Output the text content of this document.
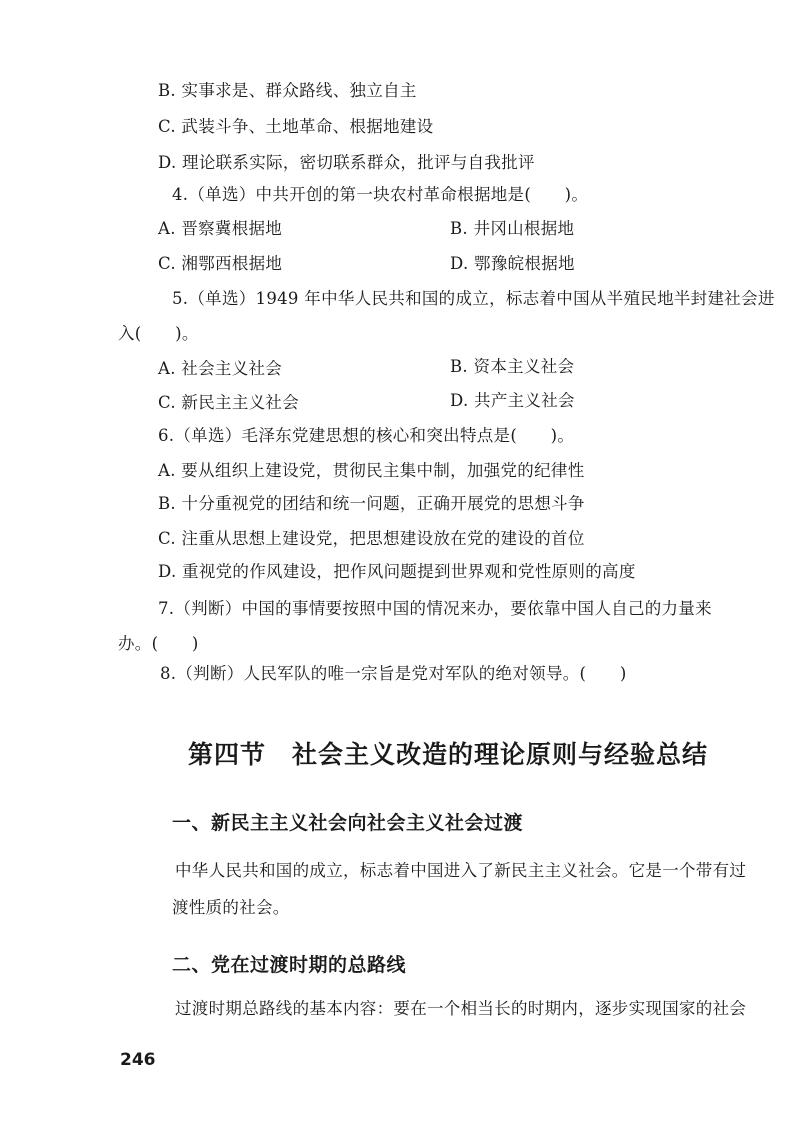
B. 实事求是、群众路线、独立自主
C. 武装斗争、土地革命、根据地建设
D. 理论联系实际，密切联系群众，批评与自我批评
4.（单选）中共开创的第一块农村革命根据地是(　　)。
A. 晋察冀根据地	B. 井冈山根据地
C. 湘鄂西根据地	D. 鄂豫皖根据地
5.（单选）1949 年中华人民共和国的成立，标志着中国从半殖民地半封建社会进
入(　　)。
A. 社会主义社会	B. 资本主义社会
C. 新民主主义社会	D. 共产主义社会
6.（单选）毛泽东党建思想的核心和突出特点是(　　)。
A. 要从组织上建设党，贯彻民主集中制，加强党的纪律性
B. 十分重视党的团结和统一问题，正确开展党的思想斗争
C. 注重从思想上建设党，把思想建设放在党的建设的首位
D. 重视党的作风建设，把作风问题提到世界观和党性原则的高度
7.（判断）中国的事情要按照中国的情况来办，要依靠中国人自己的力量来
办。(　　)
8.（判断）人民军队的唯一宗旨是党对军队的绝对领导。(　　)
第四节　社会主义改造的理论原则与经验总结
一、新民主主义社会向社会主义社会过渡
中华人民共和国的成立，标志着中国进入了新民主主义社会。它是一个带有过
渡性质的社会。
二、党在过渡时期的总路线
过渡时期总路线的基本内容：要在一个相当长的时期内，逐步实现国家的社会
246
